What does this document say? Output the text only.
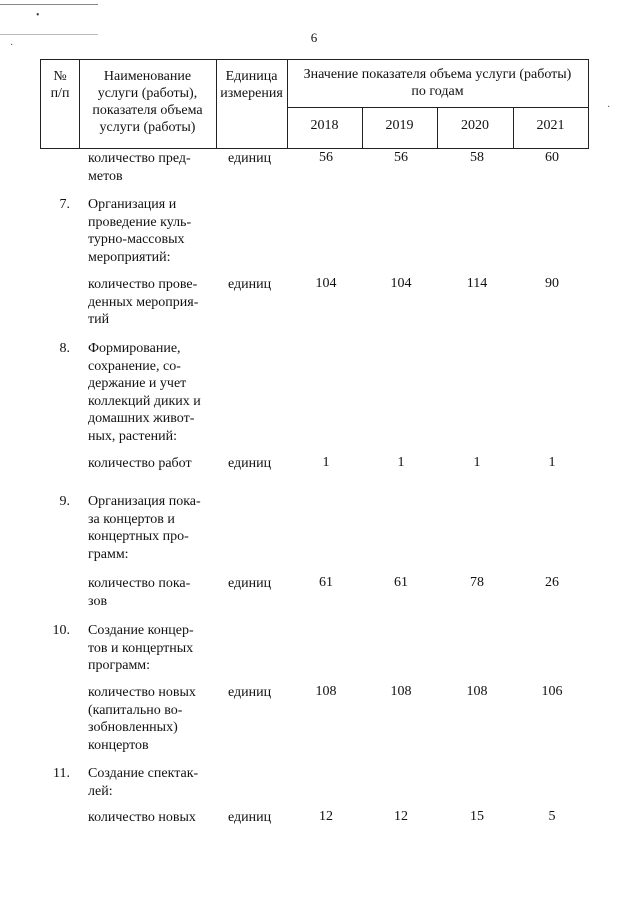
•
·
·
6
№
п/п
Наименование
услуги (работы),
показателя объема
услуги (работы)
Единица
измерения
Значение показателя объема услуги (работы)
по годам
2018	2019	2020	2021
количество пред-
метов
единиц	56	56	58	60
7. Организация и
проведение куль-
турно-массовых
мероприятий:
количество прове-
денных мероприя-
тий
единиц	104	104	114	90
8. Формирование,
сохранение, со-
держание и учет
коллекций диких и
домашних живот-
ных, растений:
количество работ	единиц	1	1	1	1
9. Организация пока-
за концертов и
концертных про-
грамм:
количество пока-
зов
единиц	61	61	78	26
10. Создание концер-
тов и концертных
программ:
количество новых
(капитально во-
зобновленных)
концертов
единиц	108	108	108	106
11. Создание спектак-
лей:
количество новых единиц	12	12	15	5
